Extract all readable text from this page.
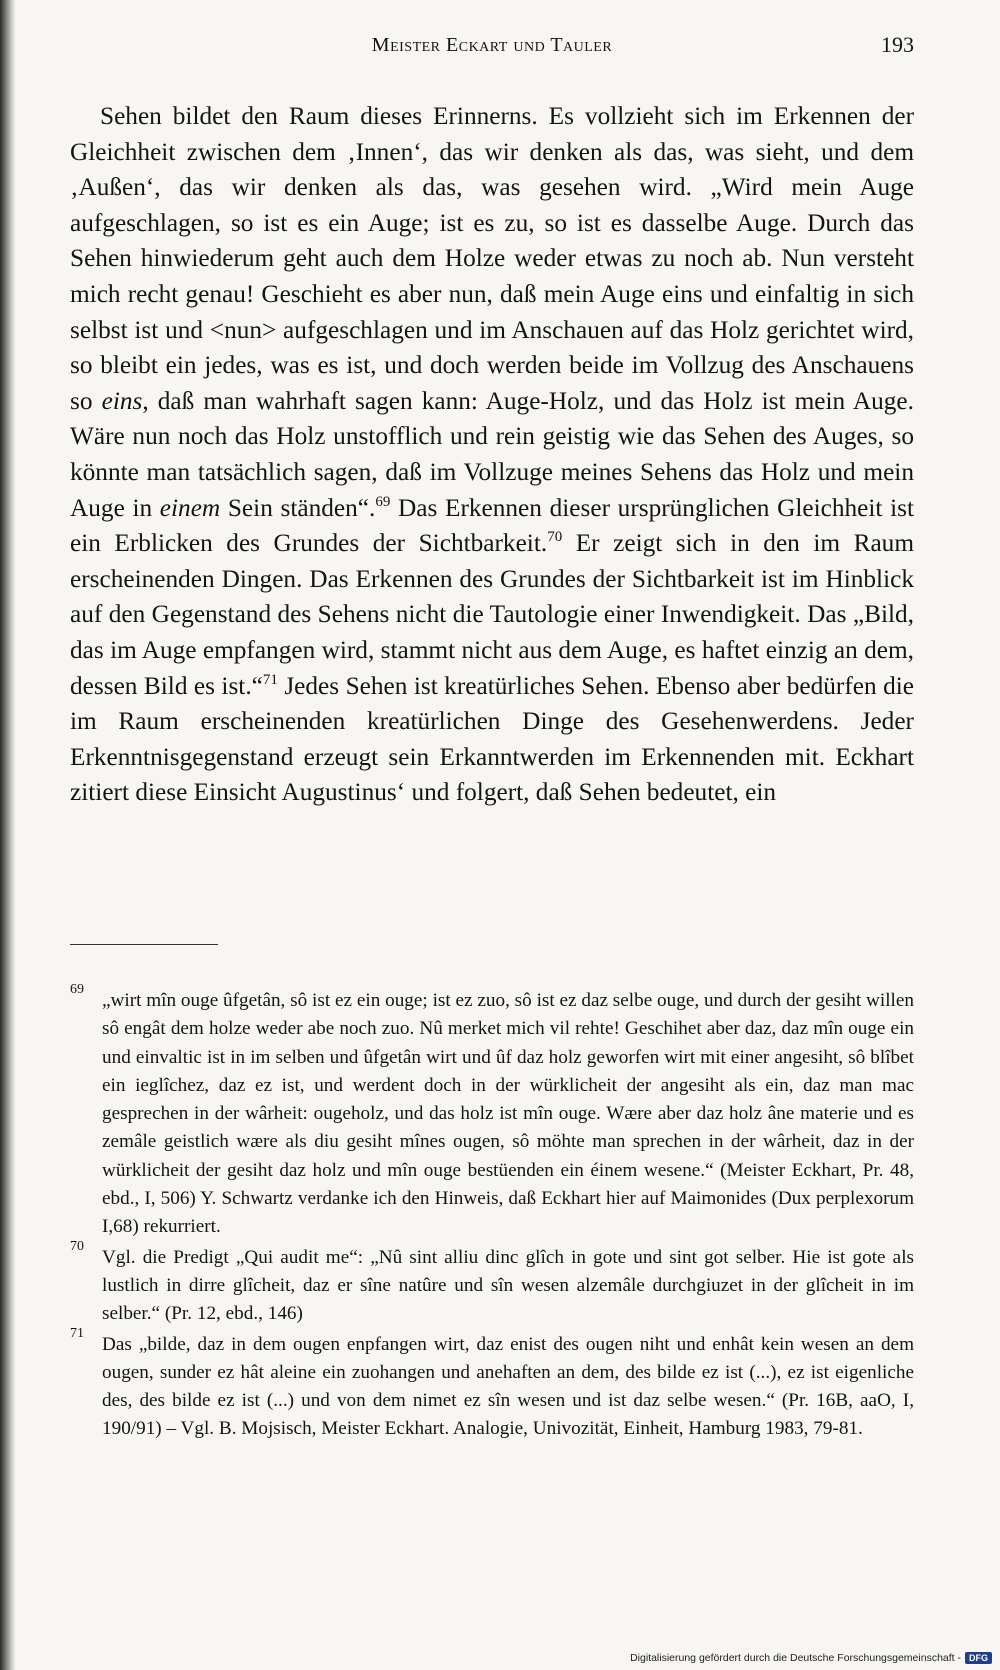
Meister Eckart und Tauler	193

Sehen bildet den Raum dieses Erinnerns. Es vollzieht sich im Erkennen der Gleichheit zwischen dem ‚Innen‘, das wir denken als das, was sieht, und dem ‚Außen‘, das wir denken als das, was gesehen wird. „Wird mein Auge aufgeschlagen, so ist es ein Auge; ist es zu, so ist es dasselbe Auge. Durch das Sehen hinwiederum geht auch dem Holze weder etwas zu noch ab. Nun versteht mich recht genau! Geschieht es aber nun, daß mein Auge eins und einfaltig in sich selbst ist und <nun> aufgeschlagen und im Anschauen auf das Holz gerichtet wird, so bleibt ein jedes, was es ist, und doch werden beide im Vollzug des Anschauens so eins, daß man wahrhaft sagen kann: Auge-Holz, und das Holz ist mein Auge. Wäre nun noch das Holz unstofflich und rein geistig wie das Sehen des Auges, so könnte man tatsächlich sagen, daß im Vollzuge meines Sehens das Holz und mein Auge in einem Sein ständen“.$^{69}$ Das Erkennen dieser ursprünglichen Gleichheit ist ein Erblicken des Grundes der Sichtbarkeit.$^{70}$ Er zeigt sich in den im Raum erscheinenden Dingen. Das Erkennen des Grundes der Sichtbarkeit ist im Hinblick auf den Gegenstand des Sehens nicht die Tautologie einer Inwendigkeit. Das „Bild, das im Auge empfangen wird, stammt nicht aus dem Auge, es haftet einzig an dem, dessen Bild es ist.“$^{71}$ Jedes Sehen ist kreatürliches Sehen. Ebenso aber bedürfen die im Raum erscheinenden kreatürlichen Dinge des Gesehenwerdens. Jeder Erkenntnisgegenstand erzeugt sein Erkanntwerden im Erkennenden mit. Eckhart zitiert diese Einsicht Augustinus‘ und folgert, daß Sehen bedeutet, ein

69
„wirt mîn ouge ûfgetân, sô ist ez ein ouge; ist ez zuo, sô ist ez daz selbe ouge, und durch der gesiht willen sô engât dem holze weder abe noch zuo. Nû merket mich vil rehte! Geschihet aber daz, daz mîn ouge ein und einvaltic ist in im selben und ûfgetân wirt und ûf daz holz geworfen wirt mit einer angesiht, sô blîbet ein ieglîchez, daz ez ist, und werdent doch in der würklicheit der angesiht als ein, daz man mac gesprechen in der wârheit: ougeholz, und das holz ist mîn ouge. Wære aber daz holz âne materie und es zemâle geistlich wære als diu gesiht mînes ougen, sô möhte man sprechen in der wârheit, daz in der würklicheit der gesiht daz holz und mîn ouge bestüenden ein éinem wesene.“ (Meister Eckhart, Pr. 48, ebd., I, 506) Y. Schwartz verdanke ich den Hinweis, daß Eckhart hier auf Maimonides (Dux perplexorum I,68) rekurriert.
70
Vgl. die Predigt „Qui audit me“: „Nû sint alliu dinc glîch in gote und sint got selber. Hie ist gote als lustlich in dirre glîcheit, daz er sîne natûre und sîn wesen alzemâle durchgiuzet in der glîcheit in im selber.“ (Pr. 12, ebd., 146)
71
Das „bilde, daz in dem ougen enpfangen wirt, daz enist des ougen niht und enhât kein wesen an dem ougen, sunder ez hât aleine ein zuohangen und anehaften an dem, des bilde ez ist (...), ez ist eigenliche des, des bilde ez ist (...) und von dem nimet ez sîn wesen und ist daz selbe wesen.“ (Pr. 16B, aaO, I, 190/91) – Vgl. B. Mojsisch, Meister Eckhart. Analogie, Univozität, Einheit, Hamburg 1983, 79-81.
Digitalisierung gefördert durch die Deutsche Forschungsgemeinschaft - DFG
